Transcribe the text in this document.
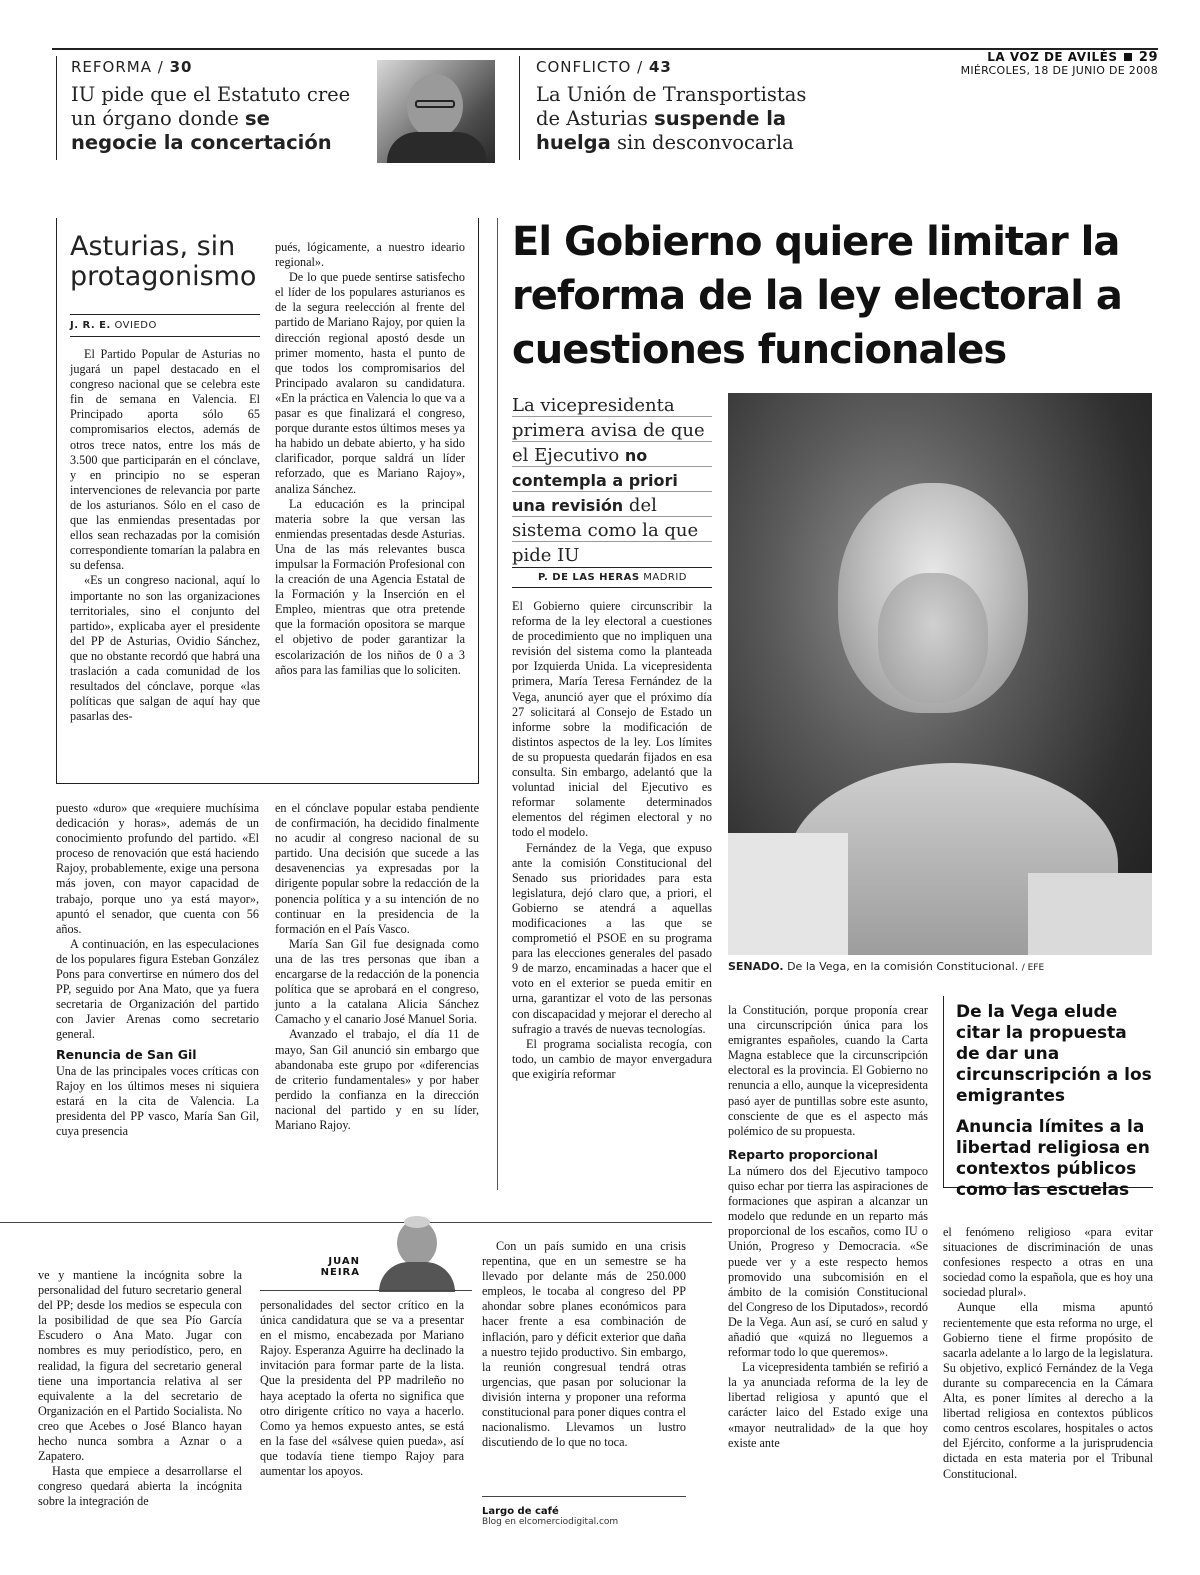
LA VOZ DE AVILÉS 29
MIÉRCOLES, 18 DE JUNIO DE 2008
REFORMA / 30
IU pide que el Estatuto cree un órgano donde se negocie la concertación
CONFLICTO / 43
La Unión de Transportistas de Asturias suspende la huelga sin desconvocarla
Asturias, sin protagonismo
J. R. E. OVIEDO

El Partido Popular de Asturias no jugará un papel destacado en el congreso nacional que se celebra este fin de semana en Valencia. El Principado aporta sólo 65 compromisarios electos, además de otros trece natos, entre los más de 3.500 que participarán en el cónclave, y en principio no se esperan intervenciones de relevancia por parte de los asturianos. Sólo en el caso de que las enmiendas presentadas por ellos sean rechazadas por la comisión correspondiente tomarían la palabra en su defensa.

«Es un congreso nacional, aquí lo importante no son las organizaciones territoriales, sino el conjunto del partido», explicaba ayer el presidente del PP de Asturias, Ovidio Sánchez, que no obstante recordó que habrá una traslación a cada comunidad de los resultados del cónclave, porque «las políticas que salgan de aquí hay que pasarlas des-

pués, lógicamente, a nuestro ideario regional».

De lo que puede sentirse satisfecho el líder de los populares asturianos es de la segura reelección al frente del partido de Mariano Rajoy, por quien la dirección regional apostó desde un primer momento, hasta el punto de que todos los compromisarios del Principado avalaron su candidatura. «En la práctica en Valencia lo que va a pasar es que finalizará el congreso, porque durante estos últimos meses ya ha habido un debate abierto, y ha sido clarificador, porque saldrá un líder reforzado, que es Mariano Rajoy», analiza Sánchez.

La educación es la principal materia sobre la que versan las enmiendas presentadas desde Asturias. Una de las más relevantes busca impulsar la Formación Profesional con la creación de una Agencia Estatal de la Formación y la Inserción en el Empleo, mientras que otra pretende que la formación opositora se marque el objetivo de poder garantizar la escolarización de los niños de 0 a 3 años para las familias que lo soliciten.

puesto «duro» que «requiere muchísima dedicación y horas», además de un conocimiento profundo del partido. «El proceso de renovación que está haciendo Rajoy, probablemente, exige una persona más joven, con mayor capacidad de trabajo, porque uno ya está mayor», apuntó el senador, que cuenta con 56 años.

A continuación, en las especulaciones de los populares figura Esteban González Pons para convertirse en número dos del PP, seguido por Ana Mato, que ya fuera secretaria de Organización del partido con Javier Arenas como secretario general.

Renuncia de San Gil

Una de las principales voces críticas con Rajoy en los últimos meses ni siquiera estará en la cita de Valencia. La presidenta del PP vasco, María San Gil, cuya presencia

en el cónclave popular estaba pendiente de confirmación, ha decidido finalmente no acudir al congreso nacional de su partido. Una decisión que sucede a las desavenencias ya expresadas por la dirigente popular sobre la redacción de la ponencia política y a su intención de no continuar en la presidencia de la formación en el País Vasco.

María San Gil fue designada como una de las tres personas que iban a encargarse de la redacción de la ponencia política que se aprobará en el congreso, junto a la catalana Alicia Sánchez Camacho y el canario José Manuel Soria.

Avanzado el trabajo, el día 11 de mayo, San Gil anunció sin embargo que abandonaba este grupo por «diferencias de criterio fundamentales» y por haber perdido la confianza en la dirección nacional del partido y en su líder, Mariano Rajoy.

El Gobierno quiere limitar la reforma de la ley electoral a cuestiones funcionales
La vicepresidenta primera avisa de que el Ejecutivo no contempla a priori una revisión del sistema como la que pide IU
P. DE LAS HERAS MADRID

El Gobierno quiere circunscribir la reforma de la ley electoral a cuestiones de procedimiento que no impliquen una revisión del sistema como la planteada por Izquierda Unida. La vicepresidenta primera, María Teresa Fernández de la Vega, anunció ayer que el próximo día 27 solicitará al Consejo de Estado un informe sobre la modificación de distintos aspectos de la ley. Los límites de su propuesta quedarán fijados en esa consulta. Sin embargo, adelantó que la voluntad inicial del Ejecutivo es reformar solamente determinados elementos del régimen electoral y no todo el modelo.

Fernández de la Vega, que expuso ante la comisión Constitucional del Senado sus prioridades para esta legislatura, dejó claro que, a priori, el Gobierno se atendrá a aquellas modificaciones a las que se comprometió el PSOE en su programa para las elecciones generales del pasado 9 de marzo, encaminadas a hacer que el voto en el exterior se pueda emitir en urna, garantizar el voto de las personas con discapacidad y mejorar el derecho al sufragio a través de nuevas tecnologías.

El programa socialista recogía, con todo, un cambio de mayor envergadura que exigiría reformar

SENADO. De la Vega, en la comisión Constitucional. / EFE

la Constitución, porque proponía crear una circunscripción única para los emigrantes españoles, cuando la Carta Magna establece que la circunscripción electoral es la provincia. El Gobierno no renuncia a ello, aunque la vicepresidenta pasó ayer de puntillas sobre este asunto, consciente de que es el aspecto más polémico de su propuesta.

Reparto proporcional

La número dos del Ejecutivo tampoco quiso echar por tierra las aspiraciones de formaciones que aspiran a alcanzar un modelo que redunde en un reparto más proporcional de los escaños, como IU o Unión, Progreso y Democracia. «Se puede ver y a este respecto hemos promovido una subcomisión en el ámbito de la comisión Constitucional del Congreso de los Diputados», recordó De la Vega. Aun así, se curó en salud y añadió que «quizá no lleguemos a reformar todo lo que queremos».

La vicepresidenta también se refirió a la ya anunciada reforma de la ley de libertad religiosa y apuntó que el carácter laico del Estado exige una «mayor neutralidad» de la que hoy existe ante

De la Vega elude citar la propuesta de dar una circunscripción a los emigrantes
Anuncia límites a la libertad religiosa en contextos públicos como las escuelas

el fenómeno religioso «para evitar situaciones de discriminación de unas confesiones respecto a otras en una sociedad como la española, que es hoy una sociedad plural».

Aunque ella misma apuntó recientemente que esta reforma no urge, el Gobierno tiene el firme propósito de sacarla adelante a lo largo de la legislatura. Su objetivo, explicó Fernández de la Vega durante su comparecencia en la Cámara Alta, es poner límites al derecho a la libertad religiosa en contextos públicos como centros escolares, hospitales o actos del Ejército, conforme a la jurisprudencia dictada en esta materia por el Tribunal Constitucional.

JUAN
NEIRA

ve y mantiene la incógnita sobre la personalidad del futuro secretario general del PP; desde los medios se especula con la posibilidad de que sea Pío García Escudero o Ana Mato. Jugar con nombres es muy periodístico, pero, en realidad, la figura del secretario general tiene una importancia relativa al ser equivalente a la del secretario de Organización en el Partido Socialista. No creo que Acebes o José Blanco hayan hecho nunca sombra a Aznar o a Zapatero.

Hasta que empiece a desarrollarse el congreso quedará abierta la incógnita sobre la integración de

personalidades del sector crítico en la única candidatura que se va a presentar en el mismo, encabezada por Mariano Rajoy. Esperanza Aguirre ha declinado la invitación para formar parte de la lista. Que la presidenta del PP madrileño no haya aceptado la oferta no significa que otro dirigente crítico no vaya a hacerlo. Como ya hemos expuesto antes, se está en la fase del «sálvese quien pueda», así que todavía tiene tiempo Rajoy para aumentar los apoyos.

Con un país sumido en una crisis repentina, que en un semestre se ha llevado por delante más de 250.000 empleos, le tocaba al congreso del PP ahondar sobre planes económicos para hacer frente a esa combinación de inflación, paro y déficit exterior que daña a nuestro tejido productivo. Sin embargo, la reunión congresual tendrá otras urgencias, que pasan por solucionar la división interna y proponer una reforma constitucional para poner diques contra el nacionalismo. Llevamos un lustro discutiendo de lo que no toca.

Largo de café
Blog en elcomerciodigital.com
